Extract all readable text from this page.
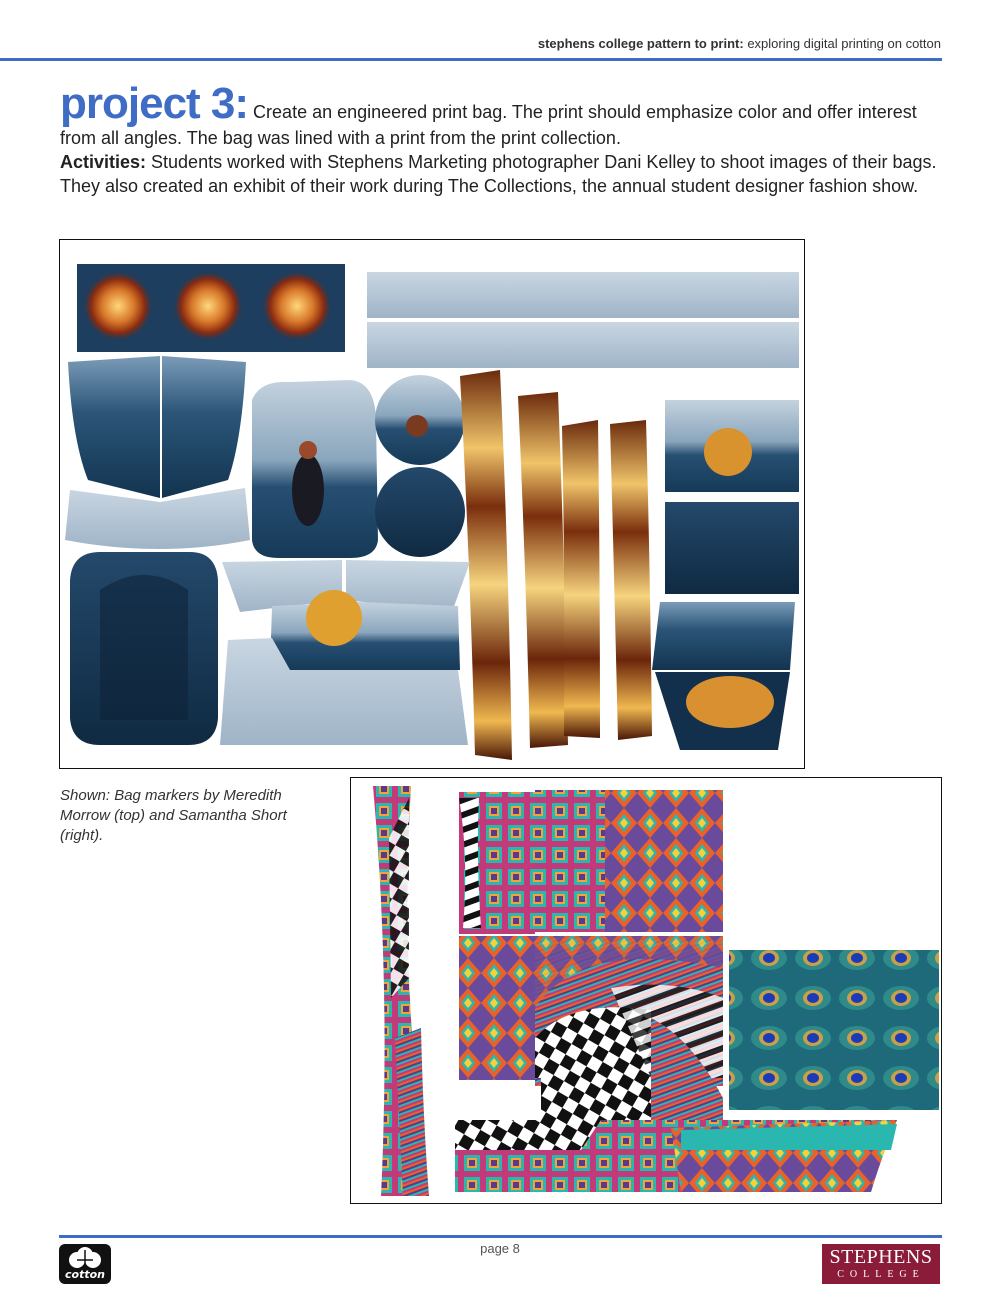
stephens college pattern to print: exploring digital printing on cotton
project 3: Create an engineered print bag. The print should emphasize color and offer interest from all angles. The bag was lined with a print from the print collection.
Activities: Students worked with Stephens Marketing photographer Dani Kelley to shoot images of their bags. They also created an exhibit of their work during The Collections, the annual student designer fashion show.
Shown: Bag markers by Meredith Morrow (top) and Samantha Short (right).
page 8
cotton
STEPHENS
COLLEGE
